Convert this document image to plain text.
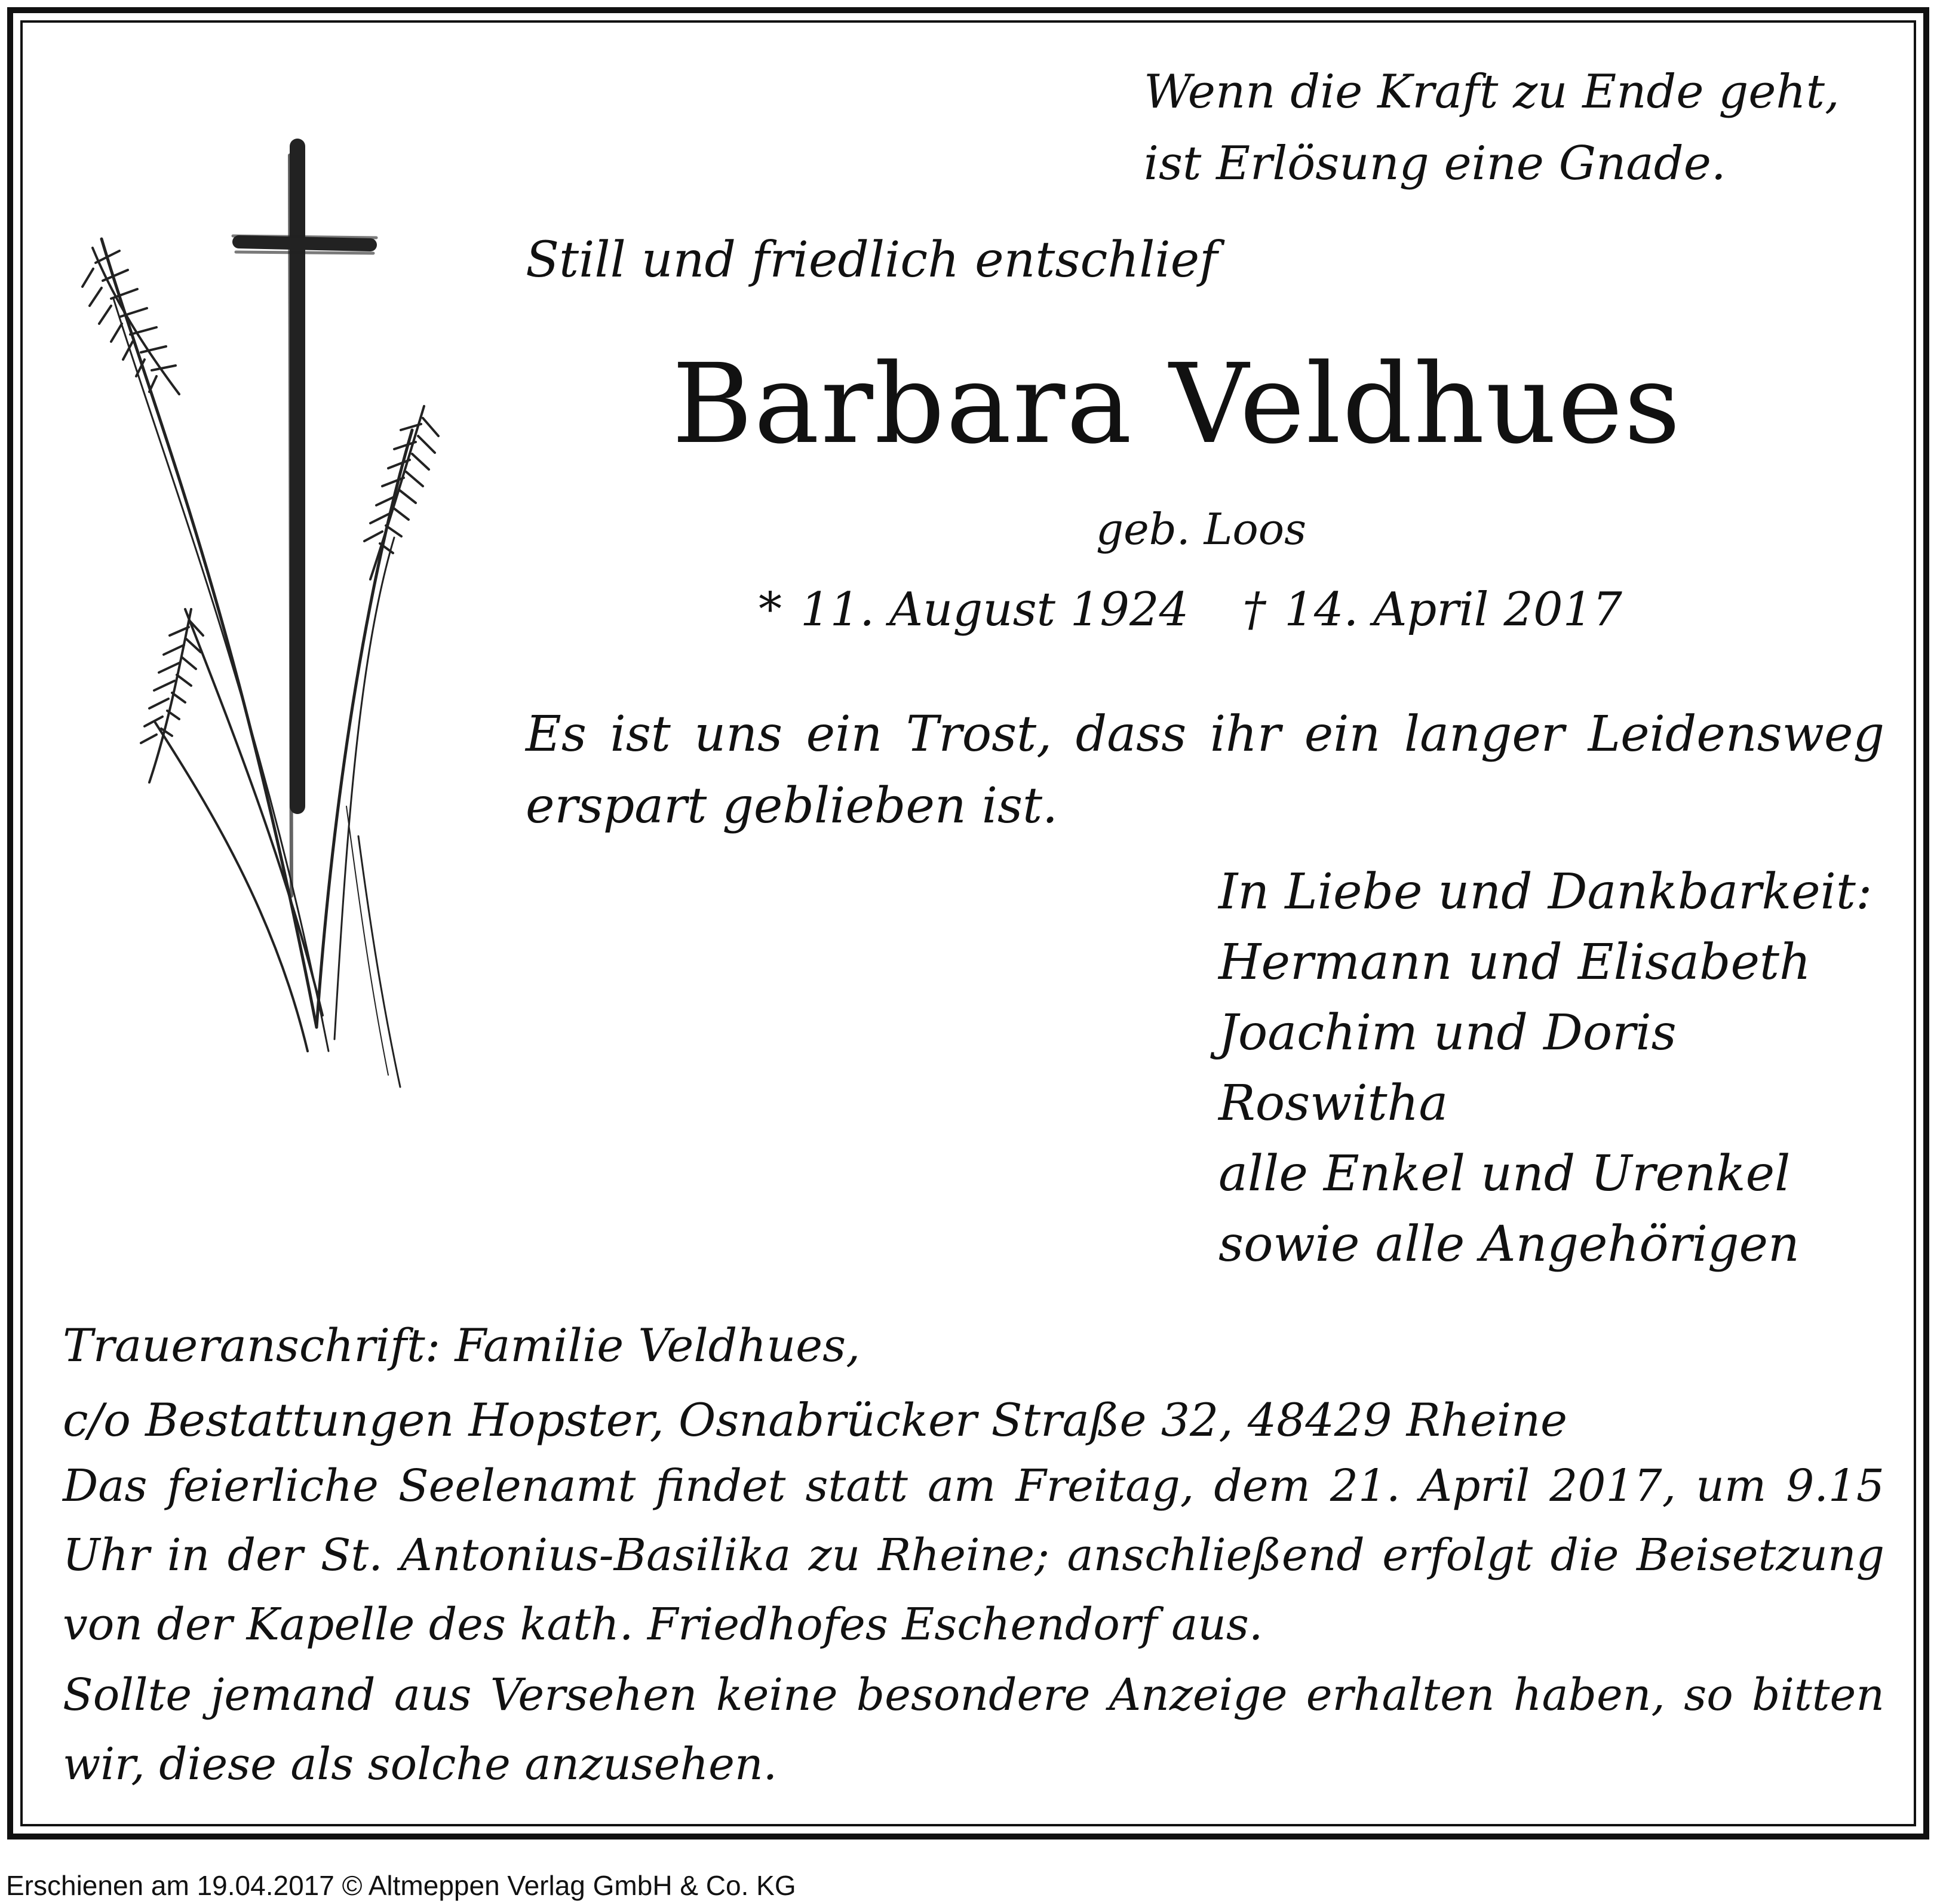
Wenn die Kraft zu Ende geht,
ist Erlösung eine Gnade.
Still und friedlich entschlief
Barbara Veldhues
geb. Loos
* 11. August 1924 † 14. April 2017
Es ist uns ein Trost, dass ihr ein langer Leidensweg erspart geblieben ist.
In Liebe und Dankbarkeit:
Hermann und Elisabeth
Joachim und Doris
Roswitha
alle Enkel und Urenkel
sowie alle Angehörigen
Traueranschrift: Familie Veldhues,
c/o Bestattungen Hopster, Osnabrücker Straße 32, 48429 Rheine
Das feierliche Seelenamt findet statt am Freitag, dem 21. April 2017, um 9.15 Uhr in der St. Antonius-Basilika zu Rheine; anschließend erfolgt die Beisetzung von der Kapelle des kath. Friedhofes Eschendorf aus.
Sollte jemand aus Versehen keine besondere Anzeige erhalten haben, so bitten wir, diese als solche anzusehen.
Erschienen am 19.04.2017 © Altmeppen Verlag GmbH & Co. KG
